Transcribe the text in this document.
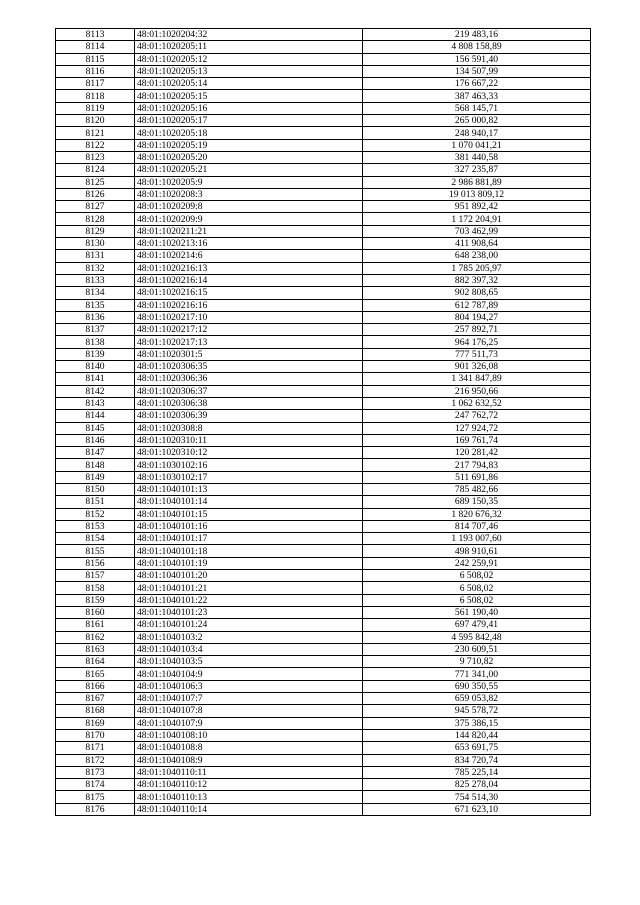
8113	48:01:1020204:32	219 483,16
8114	48:01:1020205:11	4 808 158,89
8115	48:01:1020205:12	156 591,40
8116	48:01:1020205:13	134 507,99
8117	48:01:1020205:14	176 667,22
8118	48:01:1020205:15	387 463,33
8119	48:01:1020205:16	568 145,71
8120	48:01:1020205:17	265 000,82
8121	48:01:1020205:18	248 940,17
8122	48:01:1020205:19	1 070 041,21
8123	48:01:1020205:20	381 440,58
8124	48:01:1020205:21	327 235,87
8125	48:01:1020205:9	2 986 881,89
8126	48:01:1020208:3	19 013 809,12
8127	48:01:1020209:8	951 892,42
8128	48:01:1020209:9	1 172 204,91
8129	48:01:1020211:21	703 462,99
8130	48:01:1020213:16	411 908,64
8131	48:01:1020214:6	648 238,00
8132	48:01:1020216:13	1 785 205,97
8133	48:01:1020216:14	882 397,32
8134	48:01:1020216:15	902 808,65
8135	48:01:1020216:16	612 787,89
8136	48:01:1020217:10	804 194,27
8137	48:01:1020217:12	257 892,71
8138	48:01:1020217:13	964 176,25
8139	48:01:1020301:5	777 511,73
8140	48:01:1020306:35	901 326,08
8141	48:01:1020306:36	1 341 847,89
8142	48:01:1020306:37	216 950,66
8143	48:01:1020306:38	1 062 632,52
8144	48:01:1020306:39	247 762,72
8145	48:01:1020308:8	127 924,72
8146	48:01:1020310:11	169 761,74
8147	48:01:1020310:12	120 281,42
8148	48:01:1030102:16	217 794,83
8149	48:01:1030102:17	511 691,86
8150	48:01:1040101:13	785 482,66
8151	48:01:1040101:14	689 150,35
8152	48:01:1040101:15	1 820 676,32
8153	48:01:1040101:16	814 707,46
8154	48:01:1040101:17	1 193 007,60
8155	48:01:1040101:18	498 910,61
8156	48:01:1040101:19	242 259,91
8157	48:01:1040101:20	6 508,02
8158	48:01:1040101:21	6 508,02
8159	48:01:1040101:22	6 508,02
8160	48:01:1040101:23	561 190,40
8161	48:01:1040101:24	697 479,41
8162	48:01:1040103:2	4 595 842,48
8163	48:01:1040103:4	230 609,51
8164	48:01:1040103:5	9 710,82
8165	48:01:1040104:9	771 341,00
8166	48:01:1040106:3	690 350,55
8167	48:01:1040107:7	659 053,82
8168	48:01:1040107:8	945 578,72
8169	48:01:1040107:9	375 386,15
8170	48:01:1040108:10	144 820,44
8171	48:01:1040108:8	653 691,75
8172	48:01:1040108:9	834 720,74
8173	48:01:1040110:11	785 225,14
8174	48:01:1040110:12	825 278,04
8175	48:01:1040110:13	754 514,30
8176	48:01:1040110:14	671 623,10
